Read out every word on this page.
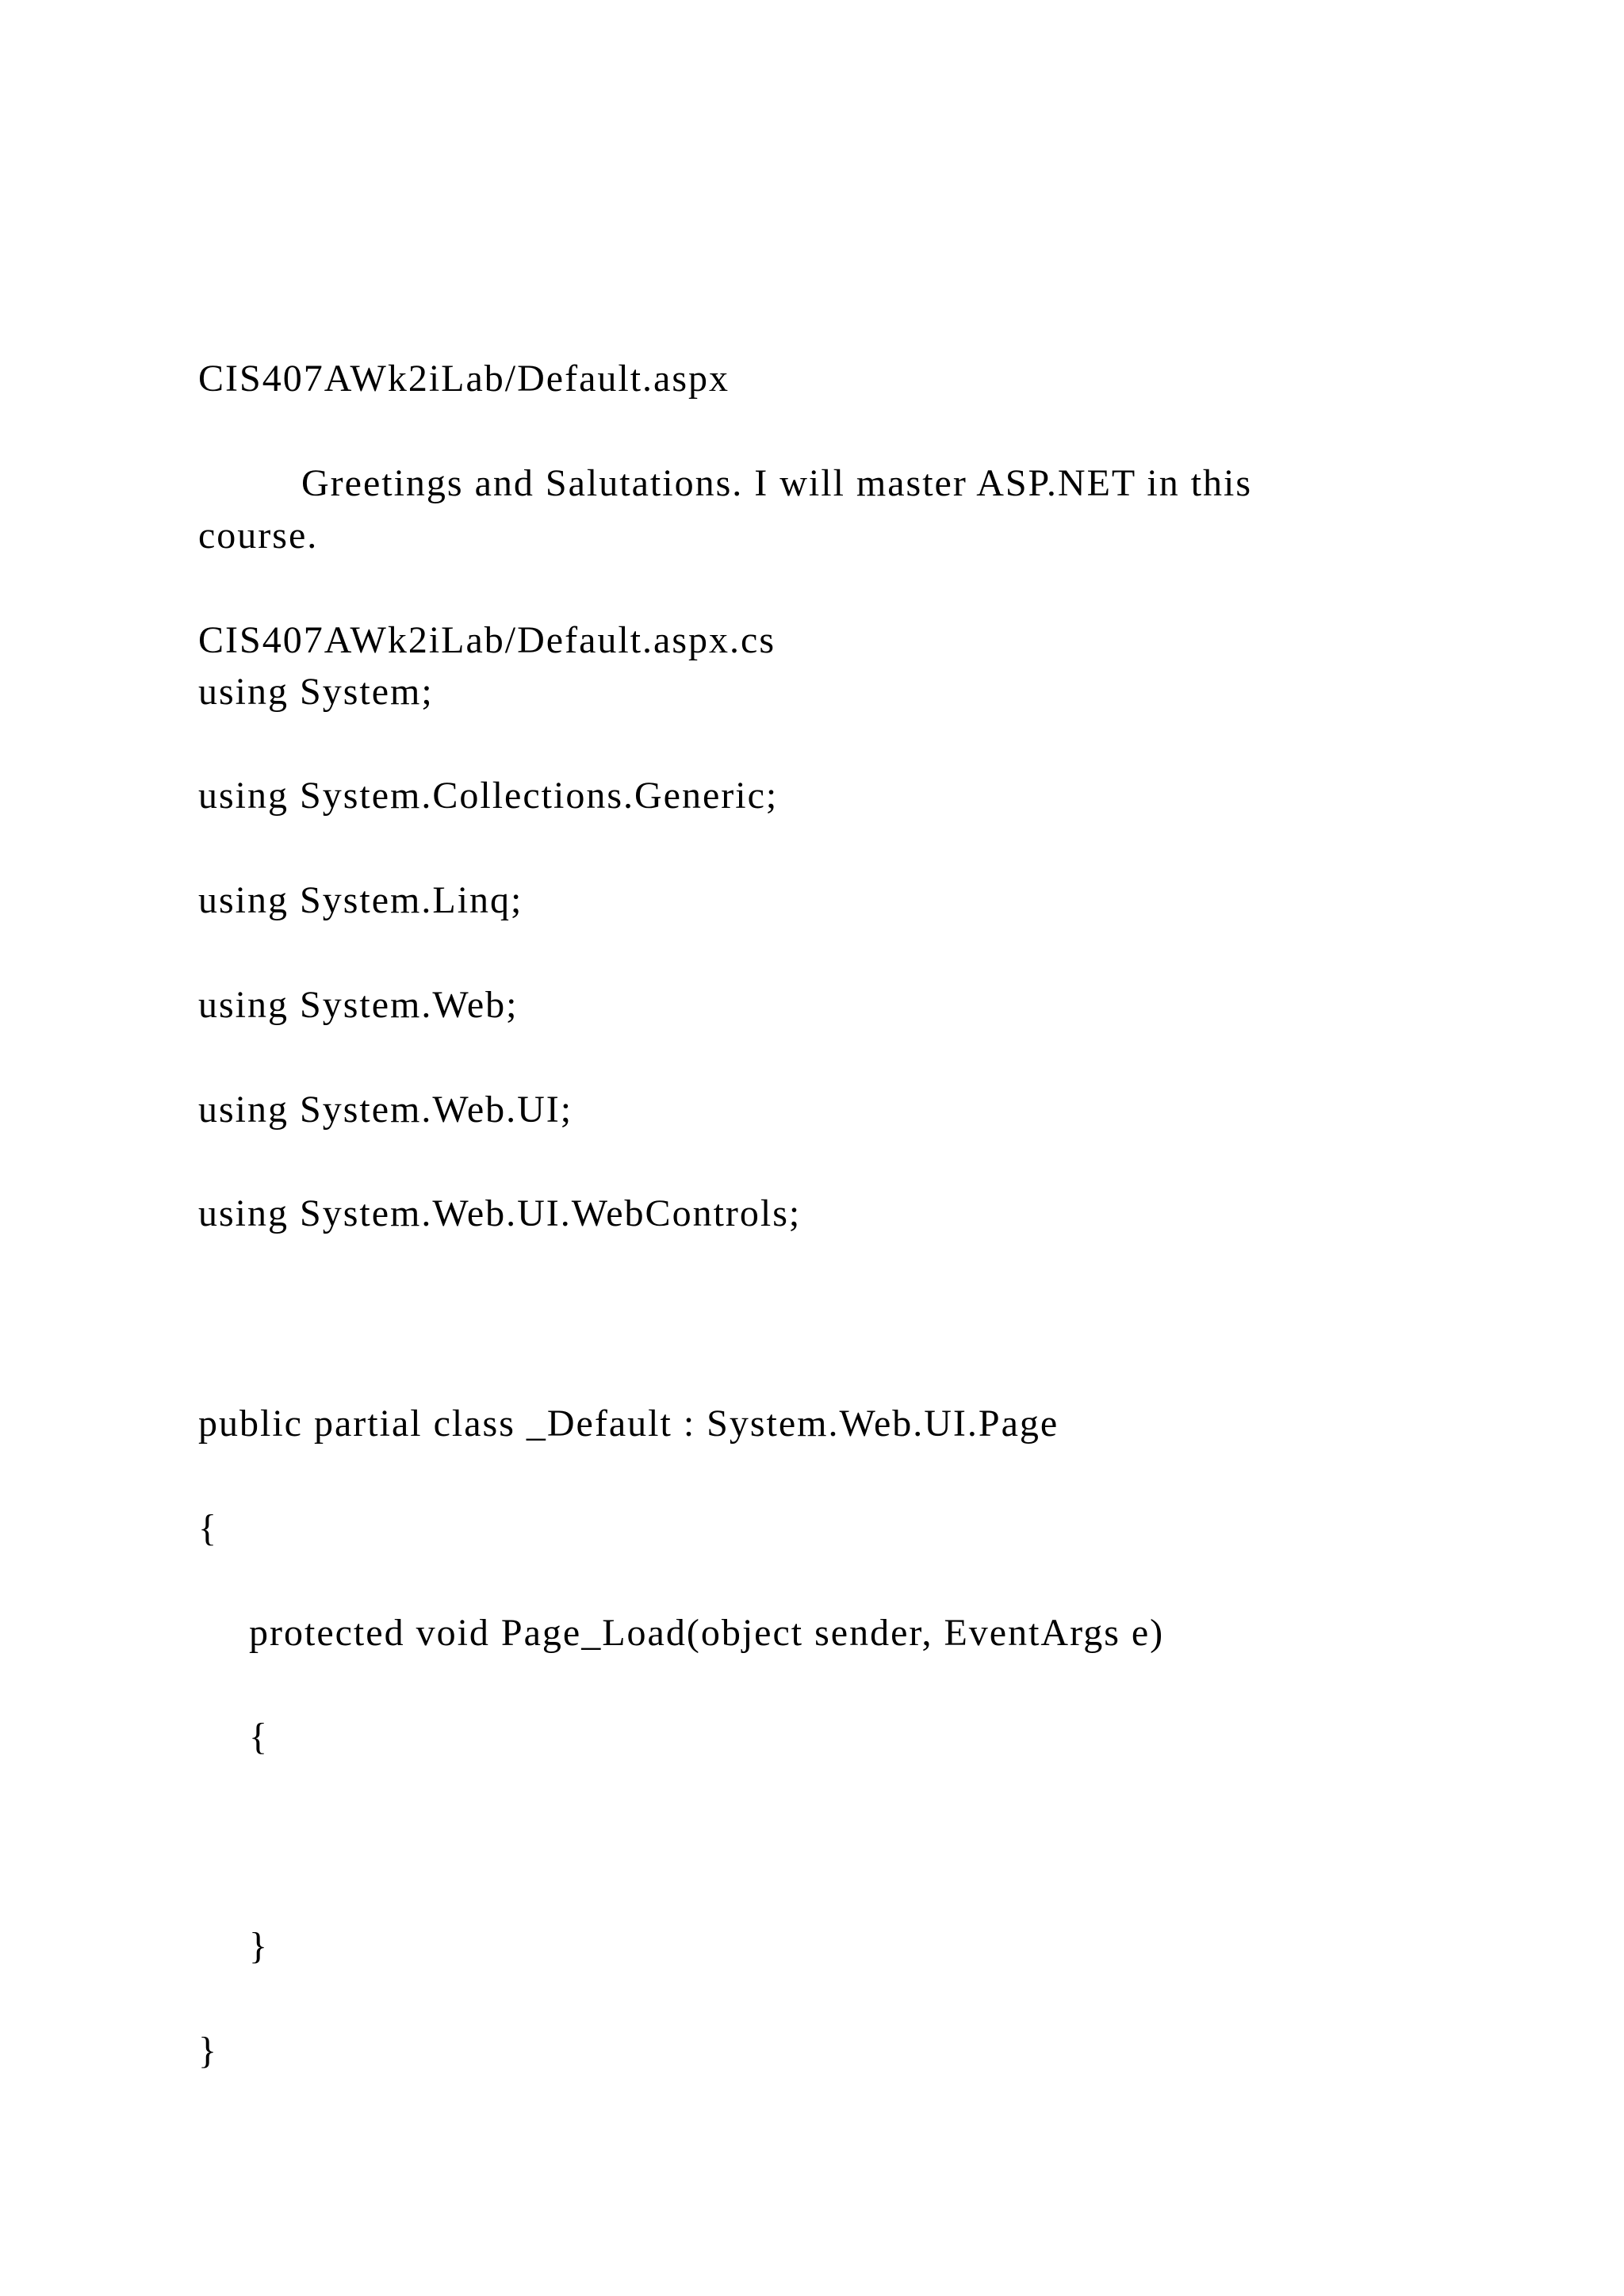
CIS407AWk2iLab/Default.aspx
Greetings and Salutations. I will master ASP.NET in this
course.
CIS407AWk2iLab/Default.aspx.cs
using System;
using System.Collections.Generic;
using System.Linq;
using System.Web;
using System.Web.UI;
using System.Web.UI.WebControls;
public partial class _Default : System.Web.UI.Page
{
protected void Page_Load(object sender, EventArgs e)
{
}
}
